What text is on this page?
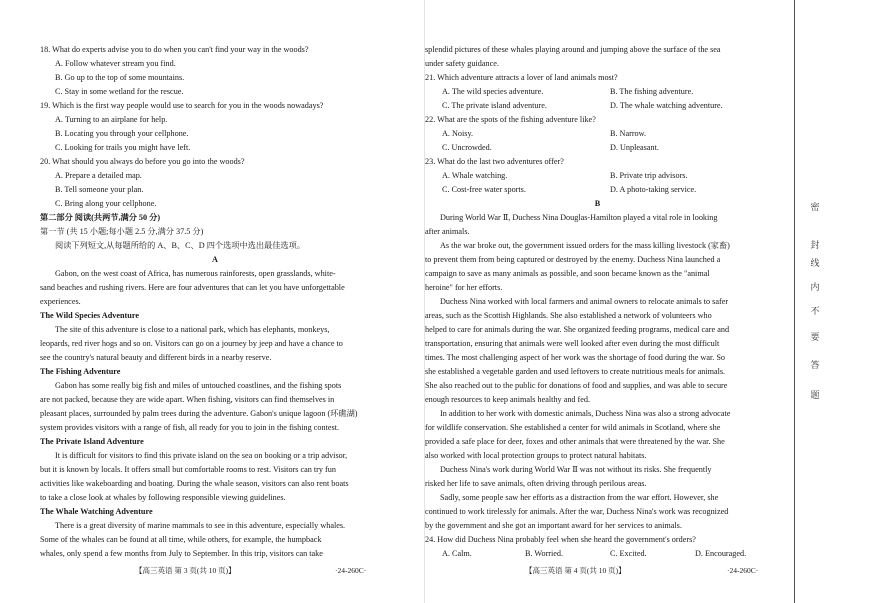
18. What do experts advise you to do when you can't find your way in the woods?
A. Follow whatever stream you find.
B. Go up to the top of some mountains.
C. Stay in some wetland for the rescue.
19. Which is the first way people would use to search for you in the woods nowadays?
A. Turning to an airplane for help.
B. Locating you through your cellphone.
C. Looking for trails you might have left.
20. What should you always do before you go into the woods?
A. Prepare a detailed map.
B. Tell someone your plan.
C. Bring along your cellphone.
第二部分 阅读(共两节,满分 50 分)
第一节 (共 15 小题;每小题 2.5 分,满分 37.5 分)
阅读下列短文,从每题所给的 A、B、C、D 四个选项中选出最佳选项。
A
Gabon, on the west coast of Africa, has numerous rainforests, open grasslands, white-
sand beaches and rushing rivers. Here are four adventures that can let you have unforgettable
experiences.
The Wild Species Adventure
The site of this adventure is close to a national park, which has elephants, monkeys,
leopards, red river hogs and so on. Visitors can go on a journey by jeep and have a chance to
see the country's natural beauty and different birds in a nearby reserve.
The Fishing Adventure
Gabon has some really big fish and miles of untouched coastlines, and the fishing spots
are not packed, because they are wide apart. When fishing, visitors can find themselves in
pleasant places, surrounded by palm trees during the adventure. Gabon's unique lagoon (环礁湖)
system provides visitors with a range of fish, all ready for you to join in the fishing contest.
The Private Island Adventure
It is difficult for visitors to find this private island on the sea on booking or a trip advisor,
but it is known by locals. It offers small but comfortable rooms to rest. Visitors can try fun
activities like wakeboarding and boating. During the whale season, visitors can also rent boats
to take a close look at whales by following responsible viewing guidelines.
The Whale Watching Adventure
There is a great diversity of marine mammals to see in this adventure, especially whales.
Some of the whales can be found at all time, while others, for example, the humpback
whales, only spend a few months from July to September. In this trip, visitors can take
【高三英语 第 3 页(共 10 页)】	·24-260C·
splendid pictures of these whales playing around and jumping above the surface of the sea
under safety guidance.
21. Which adventure attracts a lover of land animals most?
A. The wild species adventure.	B. The fishing adventure.
C. The private island adventure.	D. The whale watching adventure.
22. What are the spots of the fishing adventure like?
A. Noisy.	B. Narrow.
C. Uncrowded.	D. Unpleasant.
23. What do the last two adventures offer?
A. Whale watching.	B. Private trip advisors.
C. Cost-free water sports.	D. A photo-taking service.
B
During World War Ⅱ, Duchess Nina Douglas-Hamilton played a vital role in looking
after animals.
As the war broke out, the government issued orders for the mass killing livestock (家畜)
to prevent them from being captured or destroyed by the enemy. Duchess Nina launched a
campaign to save as many animals as possible, and soon became known as the "animal
heroine" for her efforts.
Duchess Nina worked with local farmers and animal owners to relocate animals to safer
areas, such as the Scottish Highlands. She also established a network of volunteers who
helped to care for animals during the war. She organized feeding programs, medical care and
transportation, ensuring that animals were well looked after even during the most difficult
times. The most challenging aspect of her work was the shortage of food during the war. So
she established a vegetable garden and used leftovers to create nutritious meals for animals.
She also reached out to the public for donations of food and supplies, and was able to secure
enough resources to keep animals healthy and fed.
In addition to her work with domestic animals, Duchess Nina was also a strong advocate
for wildlife conservation. She established a center for wild animals in Scotland, where she
provided a safe place for deer, foxes and other animals that were threatened by the war. She
also worked with local protection groups to protect natural habitats.
Duchess Nina's work during World War Ⅱ was not without its risks. She frequently
risked her life to save animals, often driving through perilous areas.
Sadly, some people saw her efforts as a distraction from the war effort. However, she
continued to work tirelessly for animals. After the war, Duchess Nina's work was recognized
by the government and she got an important award for her services to animals.
24. How did Duchess Nina probably feel when she heard the government's orders?
A. Calm.	B. Worried.	C. Excited.	D. Encouraged.
【高三英语 第 4 页(共 10 页)】	·24-260C·
密
封
线
内
不
要
答
题
